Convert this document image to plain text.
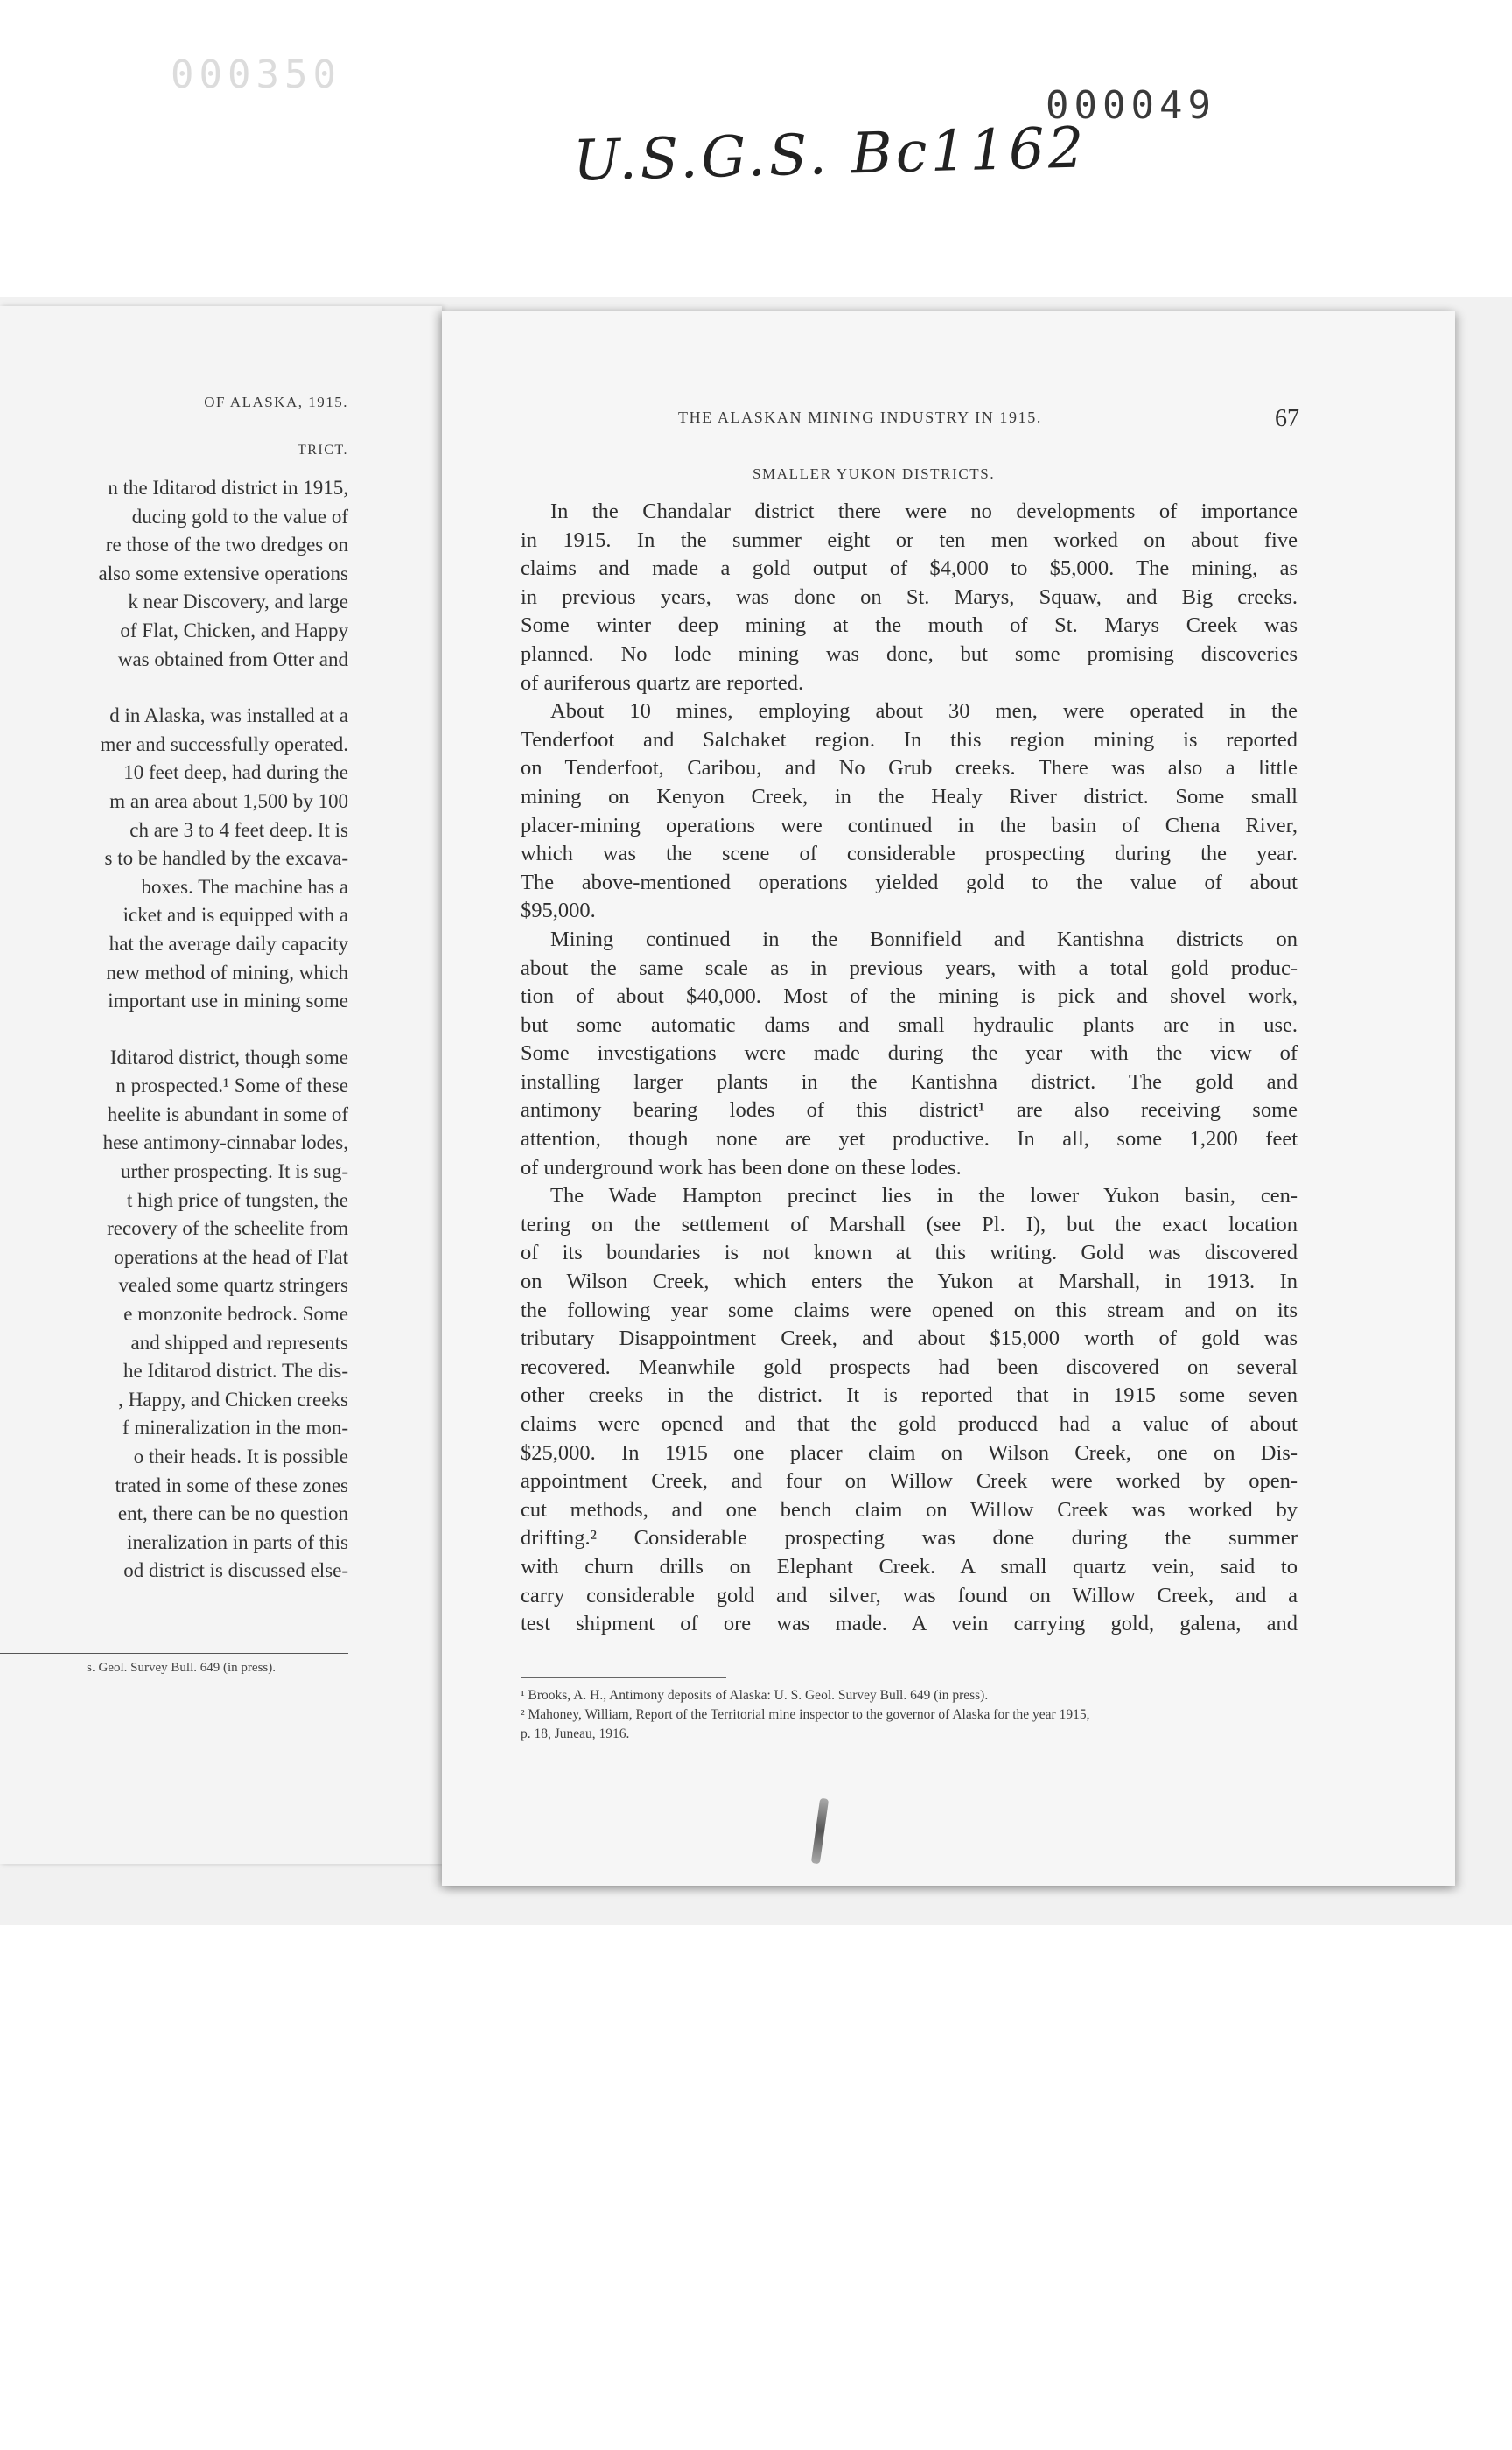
000350
U.S.G.S. Bc1162
000049
OF ALASKA, 1915.
TRICT.
n the Iditarod district in 1915,
ducing gold to the value of
re those of the two dredges on
also some extensive operations
k near Discovery, and large
of Flat, Chicken, and Happy
was obtained from Otter and
d in Alaska, was installed at a
mer and successfully operated.
10 feet deep, had during the
m an area about 1,500 by 100
ch are 3 to 4 feet deep. It is
s to be handled by the excava-
boxes. The machine has a
icket and is equipped with a
hat the average daily capacity
new method of mining, which
important use in mining some
Iditarod district, though some
n prospected.¹ Some of these
heelite is abundant in some of
hese antimony-cinnabar lodes,
urther prospecting. It is sug-
t high price of tungsten, the
recovery of the scheelite from
operations at the head of Flat
vealed some quartz stringers
e monzonite bedrock. Some
and shipped and represents
he Iditarod district. The dis-
, Happy, and Chicken creeks
f mineralization in the mon-
o their heads. It is possible
trated in some of these zones
ent, there can be no question
ineralization in parts of this
od district is discussed else-
s. Geol. Survey Bull. 649 (in press).
THE ALASKAN MINING INDUSTRY IN 1915.	67
SMALLER YUKON DISTRICTS.
In the Chandalar district there were no developments of importance
in 1915. In the summer eight or ten men worked on about five
claims and made a gold output of $4,000 to $5,000. The mining, as
in previous years, was done on St. Marys, Squaw, and Big creeks.
Some winter deep mining at the mouth of St. Marys Creek was
planned. No lode mining was done, but some promising discoveries
of auriferous quartz are reported.
About 10 mines, employing about 30 men, were operated in the
Tenderfoot and Salchaket region. In this region mining is reported
on Tenderfoot, Caribou, and No Grub creeks. There was also a little
mining on Kenyon Creek, in the Healy River district. Some small
placer-mining operations were continued in the basin of Chena River,
which was the scene of considerable prospecting during the year.
The above-mentioned operations yielded gold to the value of about
$95,000.
Mining continued in the Bonnifield and Kantishna districts on
about the same scale as in previous years, with a total gold produc-
tion of about $40,000. Most of the mining is pick and shovel work,
but some automatic dams and small hydraulic plants are in use.
Some investigations were made during the year with the view of
installing larger plants in the Kantishna district. The gold and
antimony bearing lodes of this district¹ are also receiving some
attention, though none are yet productive. In all, some 1,200 feet
of underground work has been done on these lodes.
The Wade Hampton precinct lies in the lower Yukon basin, cen-
tering on the settlement of Marshall (see Pl. I), but the exact location
of its boundaries is not known at this writing. Gold was discovered
on Wilson Creek, which enters the Yukon at Marshall, in 1913. In
the following year some claims were opened on this stream and on its
tributary Disappointment Creek, and about $15,000 worth of gold was
recovered. Meanwhile gold prospects had been discovered on several
other creeks in the district. It is reported that in 1915 some seven
claims were opened and that the gold produced had a value of about
$25,000. In 1915 one placer claim on Wilson Creek, one on Dis-
appointment Creek, and four on Willow Creek were worked by open-
cut methods, and one bench claim on Willow Creek was worked by
drifting.² Considerable prospecting was done during the summer
with churn drills on Elephant Creek. A small quartz vein, said to
carry considerable gold and silver, was found on Willow Creek, and a
test shipment of ore was made. A vein carrying gold, galena, and
¹ Brooks, A. H., Antimony deposits of Alaska: U. S. Geol. Survey Bull. 649 (in press).
² Mahoney, William, Report of the Territorial mine inspector to the governor of Alaska for the year 1915,
p. 18, Juneau, 1916.
